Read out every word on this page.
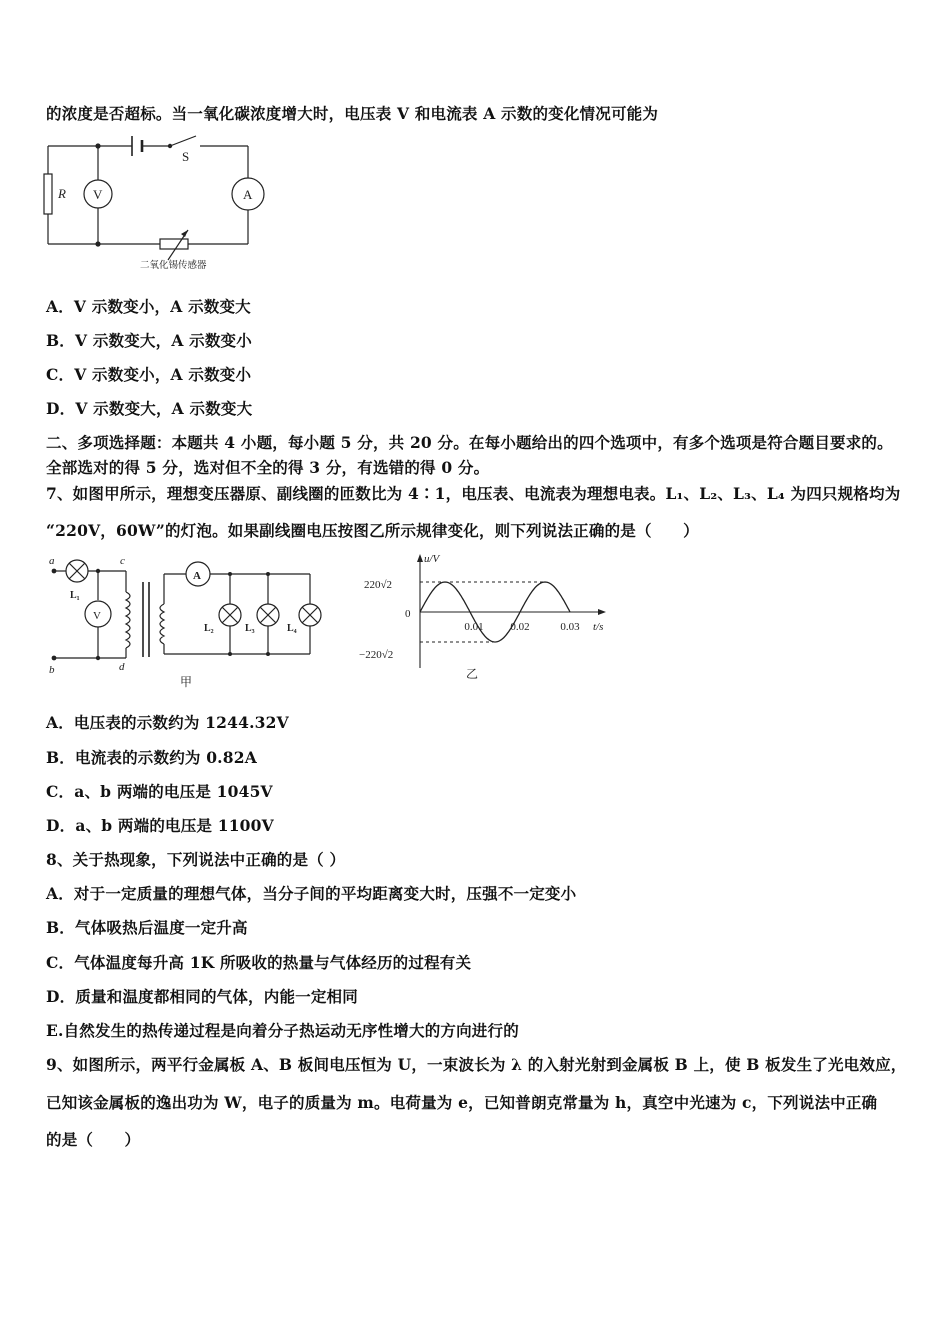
的浓度是否超标。当一氧化碳浓度增大时，电压表 V 和电流表 A 示数的变化情况可能为
S
R V	A
二氧化锡传感器
A．V 示数变小，A 示数变大
B．V 示数变大，A 示数变小
C．V 示数变小，A 示数变小
D．V 示数变大，A 示数变大
二、多项选择题：本题共 4 小题，每小题 5 分，共 20 分。在每小题给出的四个选项中，有多个选项是符合题目要求的。
全部选对的得 5 分，选对但不全的得 3 分，有选错的得 0 分。
7、如图甲所示，理想变压器原、副线圈的匝数比为 4∶1，电压表、电流表为理想电表。L₁、L₂、L₃、L₄ 为四只规格均为
“220V，60W”的灯泡。如果副线圈电压按图乙所示规律变化，则下列说法正确的是（　　）
a
b
c
d
L₁
V
A
L₂	L₃	L₄
甲
u/V
t/s
220√2
−220√2
0
0.01 0.02	0.03
乙
A．电压表的示数约为 1244.32V
B．电流表的示数约为 0.82A
C．a、b 两端的电压是 1045V
D．a、b 两端的电压是 1100V
8、关于热现象，下列说法中正确的是（ ）
A．对于一定质量的理想气体，当分子间的平均距离变大时，压强不一定变小
B．气体吸热后温度一定升高
C．气体温度每升高 1K 所吸收的热量与气体经历的过程有关
D．质量和温度都相同的气体，内能一定相同
E.自然发生的热传递过程是向着分子热运动无序性增大的方向进行的
9、如图所示，两平行金属板 A、B 板间电压恒为 U，一束波长为 λ 的入射光射到金属板 B 上，使 B 板发生了光电效应，
已知该金属板的逸出功为 W，电子的质量为 m。电荷量为 e，已知普朗克常量为 h，真空中光速为 c，下列说法中正确
的是（　　）
